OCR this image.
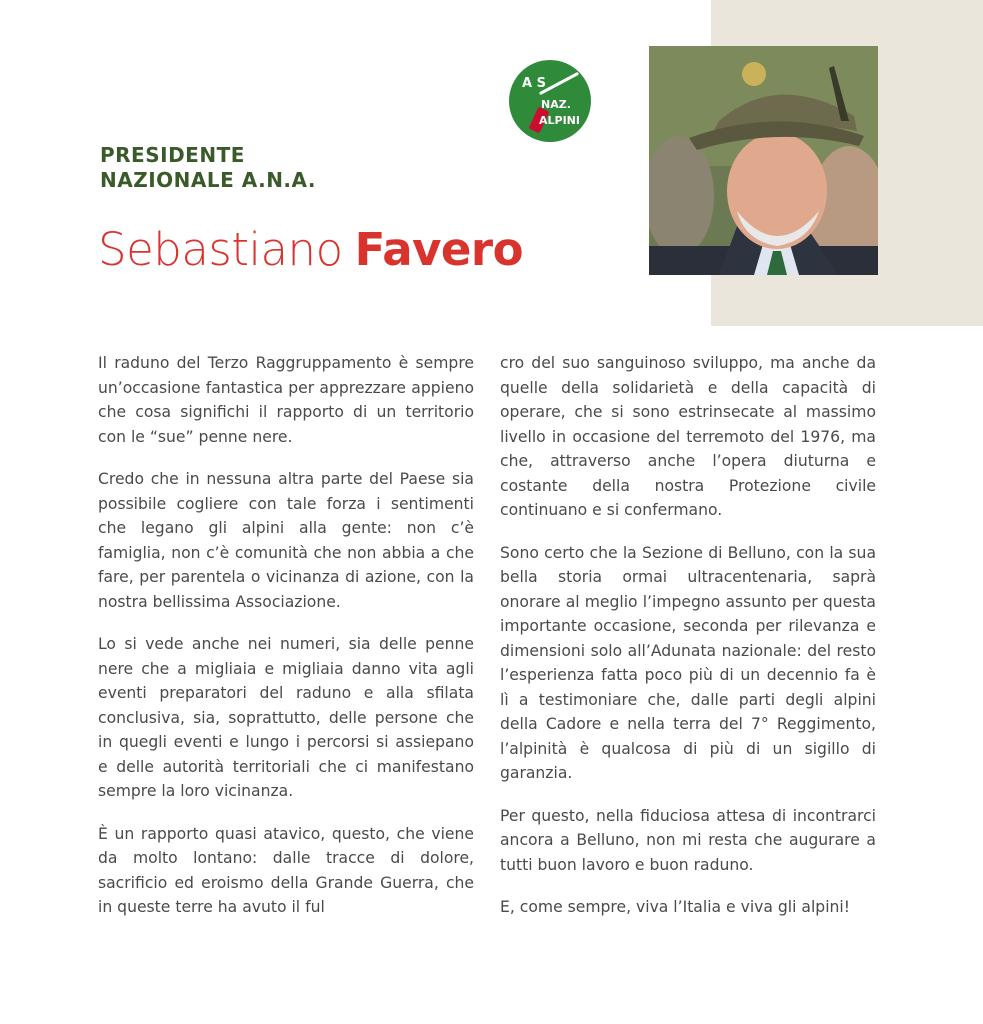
A S
NAZ.
ALPINI
PRESIDENTE
NAZIONALE A.N.A.
Sebastiano Favero

Il raduno del Terzo Raggruppamento è sempre un’occasione fantastica per apprezzare appieno che cosa significhi il rapporto di un territorio con le “sue” penne nere.

Credo che in nessuna altra parte del Paese sia possibile cogliere con tale forza i sentimenti che legano gli alpini alla gente: non c’è famiglia, non c’è comunità che non abbia a che fare, per parentela o vicinanza di azione, con la nostra bellissima Associazione.

Lo si vede anche nei numeri, sia delle penne nere che a migliaia e migliaia danno vita agli eventi preparatori del raduno e alla sfilata conclusiva, sia, soprattutto, delle persone che in quegli eventi e lungo i percorsi si assiepano e delle autorità territoriali che ci manifestano sempre la loro vicinanza.

È un rapporto quasi atavico, questo, che viene da molto lontano: dalle tracce di dolore, sacrificio ed eroismo della Grande Guerra, che in queste terre ha avuto il ful

cro del suo sanguinoso sviluppo, ma anche da quelle della solidarietà e della capacità di operare, che si sono estrinsecate al massimo livello in occasione del terremoto del 1976, ma che, attraverso anche l’opera diuturna e costante della nostra Protezione civile continuano e si confermano.

Sono certo che la Sezione di Belluno, con la sua bella storia ormai ultracentenaria, saprà onorare al meglio l’impegno assunto per questa importante occasione, seconda per rilevanza e dimensioni solo all’Adunata nazionale: del resto l’esperienza fatta poco più di un decennio fa è lì a testimoniare che, dalle parti degli alpini della Cadore e nella terra del 7° Reggimento, l’alpinità è qualcosa di più di un sigillo di garanzia.

Per questo, nella fiduciosa attesa di incontrarci ancora a Belluno, non mi resta che augurare a tutti buon lavoro e buon raduno.

E, come sempre, viva l’Italia e viva gli alpini!
